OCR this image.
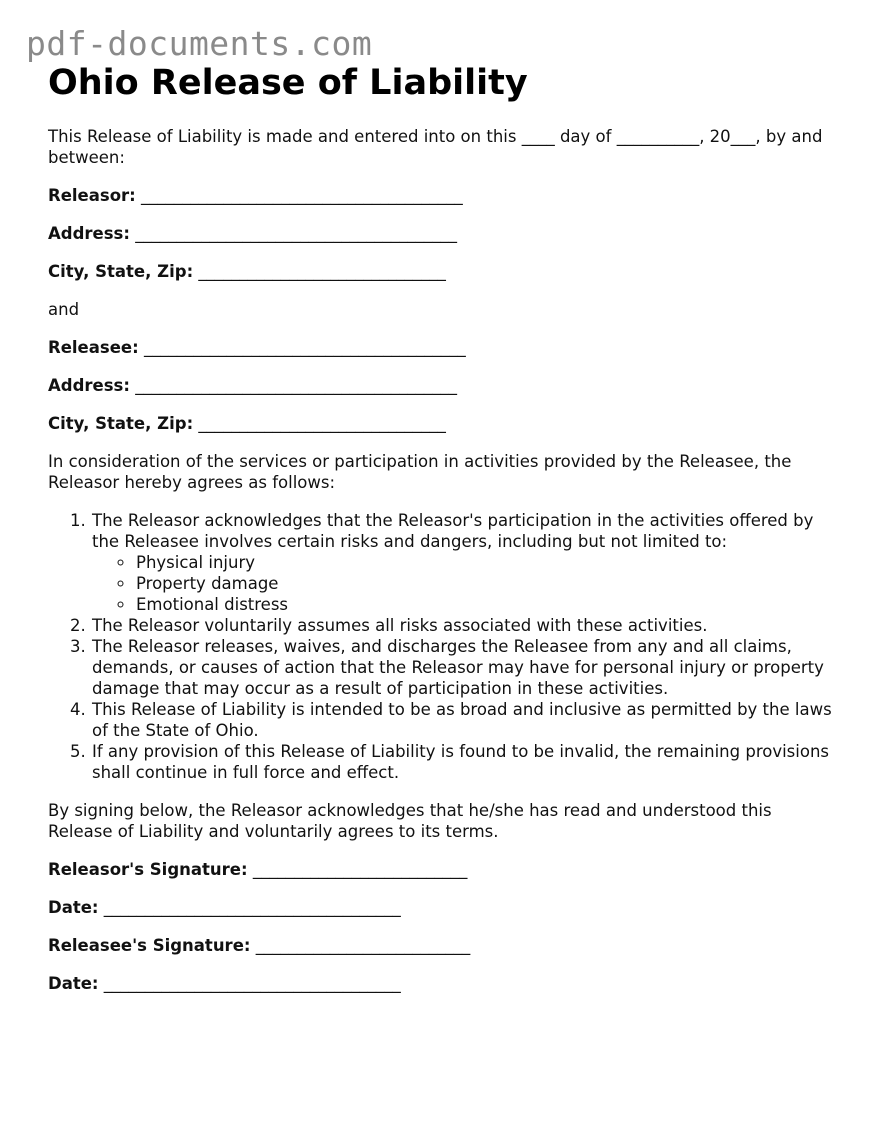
pdf-documents.com
Ohio Release of Liability

This Release of Liability is made and entered into on this ____ day of __________, 20___, by and between:

Releasor: _______________________________________

Address: _______________________________________

City, State, Zip: ______________________________

and

Releasee: _______________________________________

Address: _______________________________________

City, State, Zip: ______________________________

In consideration of the services or participation in activities provided by the Releasee, the Releasor hereby agrees as follows:

1. The Releasor acknowledges that the Releasor's participation in the activities offered by the Releasee involves certain risks and dangers, including but not limited to:
◦ Physical injury
◦ Property damage
◦ Emotional distress
2. The Releasor voluntarily assumes all risks associated with these activities.
3. The Releasor releases, waives, and discharges the Releasee from any and all claims, demands, or causes of action that the Releasor may have for personal injury or property damage that may occur as a result of participation in these activities.
4. This Release of Liability is intended to be as broad and inclusive as permitted by the laws of the State of Ohio.
5. If any provision of this Release of Liability is found to be invalid, the remaining provisions shall continue in full force and effect.

By signing below, the Releasor acknowledges that he/she has read and understood this Release of Liability and voluntarily agrees to its terms.

Releasor's Signature: __________________________

Date: ____________________________________

Releasee's Signature: __________________________

Date: ____________________________________
